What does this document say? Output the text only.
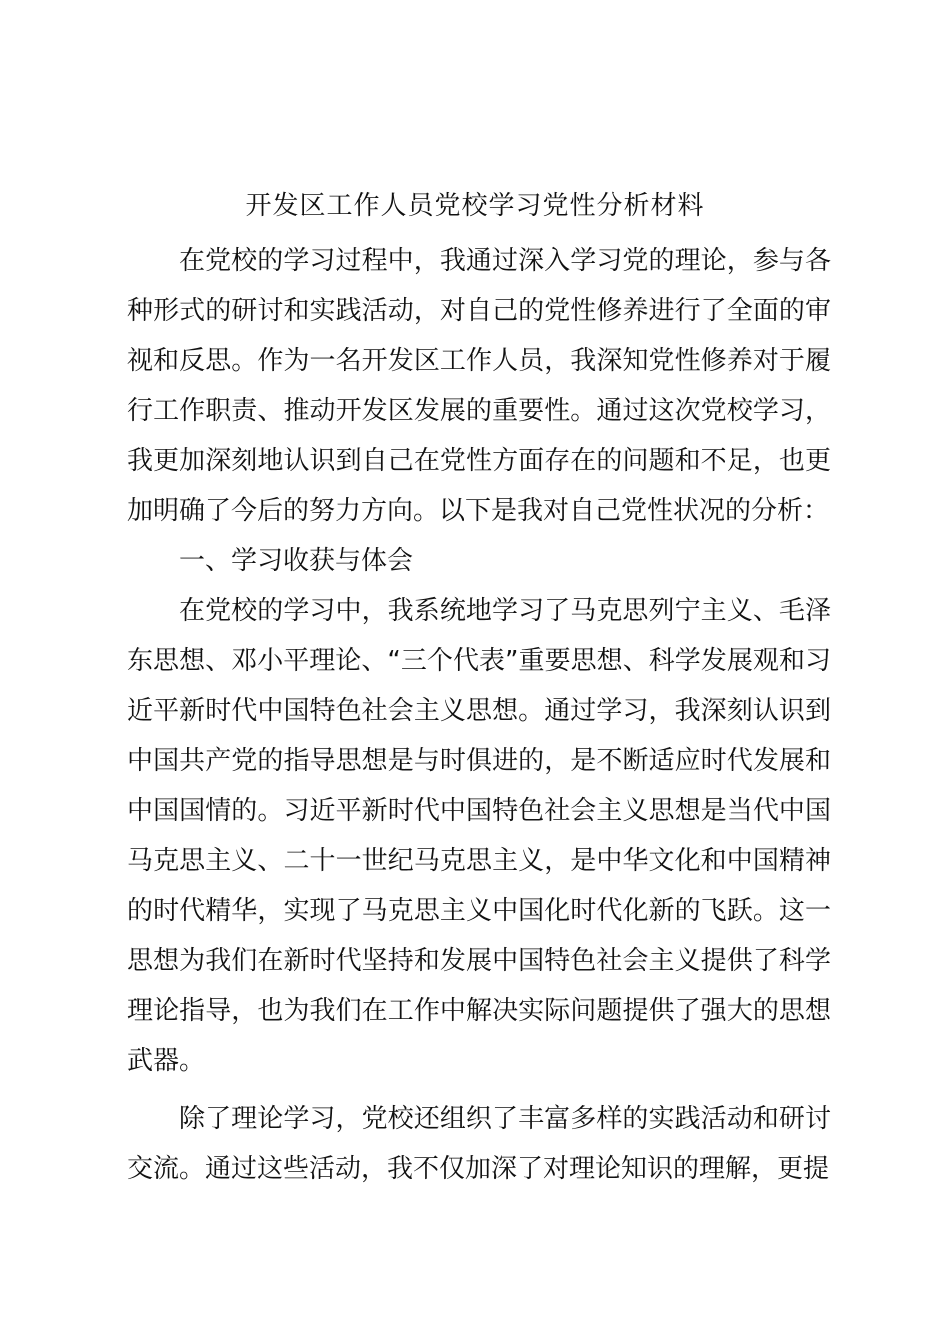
开发区工作人员党校学习党性分析材料

在党校的学习过程中，我通过深入学习党的理论，参与各种形式的研讨和实践活动，对自己的党性修养进行了全面的审视和反思。作为一名开发区工作人员，我深知党性修养对于履行工作职责、推动开发区发展的重要性。通过这次党校学习，我更加深刻地认识到自己在党性方面存在的问题和不足，也更加明确了今后的努力方向。以下是我对自己党性状况的分析：

一、学习收获与体会

在党校的学习中，我系统地学习了马克思列宁主义、毛泽东思想、邓小平理论、“三个代表”重要思想、科学发展观和习近平新时代中国特色社会主义思想。通过学习，我深刻认识到中国共产党的指导思想是与时俱进的，是不断适应时代发展和中国国情的。习近平新时代中国特色社会主义思想是当代中国马克思主义、二十一世纪马克思主义，是中华文化和中国精神的时代精华，实现了马克思主义中国化时代化新的飞跃。这一思想为我们在新时代坚持和发展中国特色社会主义提供了科学理论指导，也为我们在工作中解决实际问题提供了强大的思想武器。

除了理论学习，党校还组织了丰富多样的实践活动和研讨交流。通过这些活动，我不仅加深了对理论知识的理解，更提
